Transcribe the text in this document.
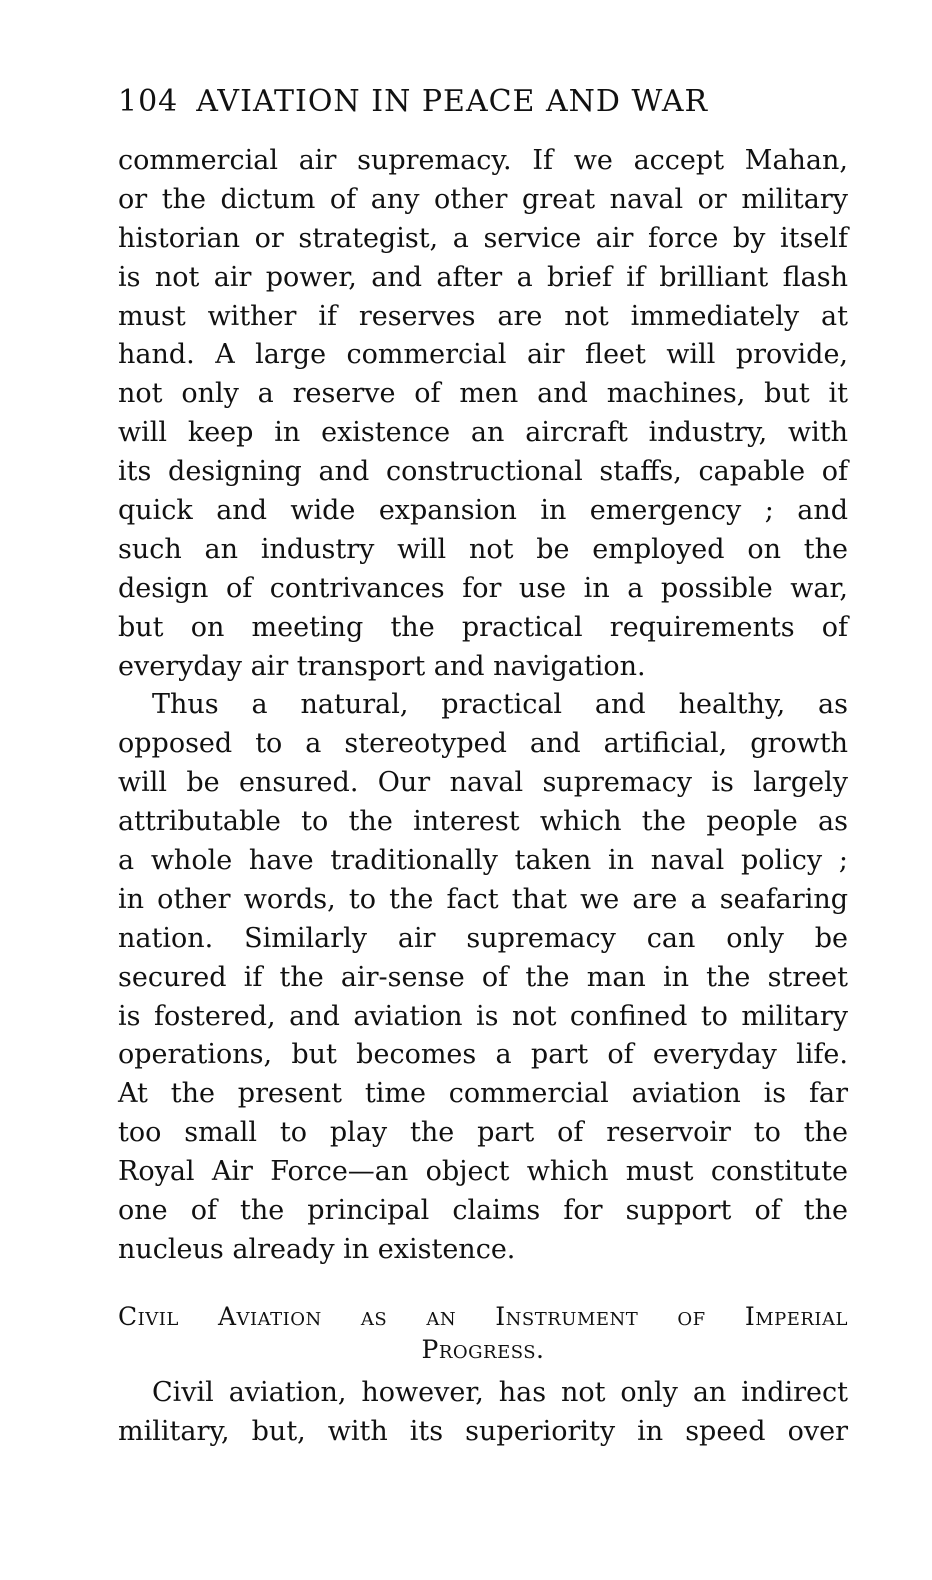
104 AVIATION IN PEACE AND WAR
commercial air supremacy. If we accept Mahan,
or the dictum of any other great naval or military
historian or strategist, a service air force by itself
is not air power, and after a brief if brilliant flash
must wither if reserves are not immediately at
hand. A large commercial air fleet will provide,
not only a reserve of men and machines, but it
will keep in existence an aircraft industry, with
its designing and constructional staffs, capable of
quick and wide expansion in emergency ; and
such an industry will not be employed on the
design of contrivances for use in a possible war,
but on meeting the practical requirements of
everyday air transport and navigation.
Thus a natural, practical and healthy, as
opposed to a stereotyped and artificial, growth
will be ensured. Our naval supremacy is largely
attributable to the interest which the people as
a whole have traditionally taken in naval policy ;
in other words, to the fact that we are a seafaring
nation. Similarly air supremacy can only be
secured if the air-sense of the man in the street
is fostered, and aviation is not confined to military
operations, but becomes a part of everyday life.
At the present time commercial aviation is far
too small to play the part of reservoir to the
Royal Air Force—an object which must constitute
one of the principal claims for support of the
nucleus already in existence.
Civil Aviation as an Instrument of Imperial
Progress.
Civil aviation, however, has not only an indirect
military, but, with its superiority in speed over
